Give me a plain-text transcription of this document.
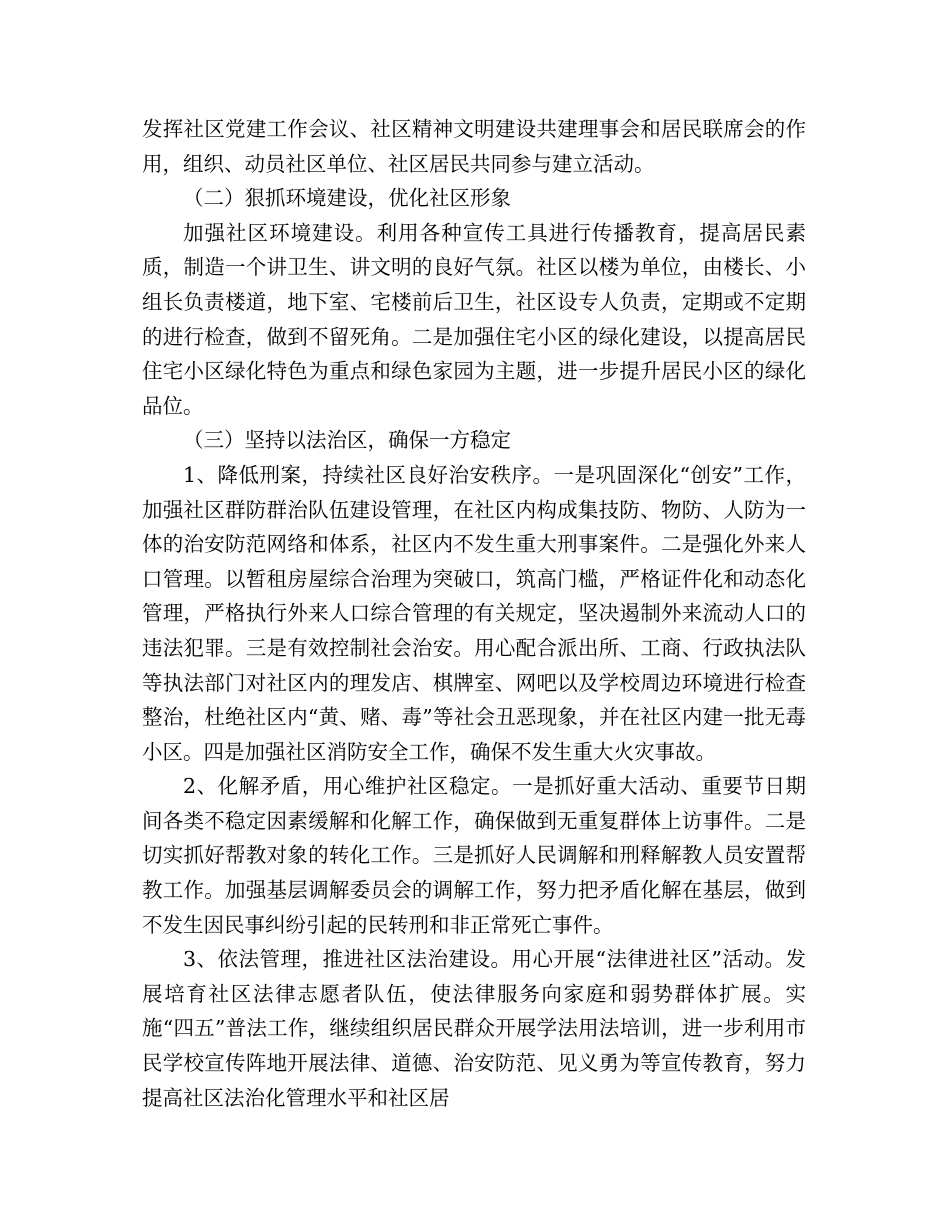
发挥社区党建工作会议、社区精神文明建设共建理事会和居民联席会的作用，组织、动员社区单位、社区居民共同参与建立活动。

（二）狠抓环境建设，优化社区形象

加强社区环境建设。利用各种宣传工具进行传播教育，提高居民素质，制造一个讲卫生、讲文明的良好气氛。社区以楼为单位，由楼长、小组长负责楼道，地下室、宅楼前后卫生，社区设专人负责，定期或不定期的进行检查，做到不留死角。二是加强住宅小区的绿化建设，以提高居民住宅小区绿化特色为重点和绿色家园为主题，进一步提升居民小区的绿化品位。

（三）坚持以法治区，确保一方稳定

1、降低刑案，持续社区良好治安秩序。一是巩固深化“创安”工作，加强社区群防群治队伍建设管理，在社区内构成集技防、物防、人防为一体的治安防范网络和体系，社区内不发生重大刑事案件。二是强化外来人口管理。以暂租房屋综合治理为突破口，筑高门槛，严格证件化和动态化管理，严格执行外来人口综合管理的有关规定，坚决遏制外来流动人口的违法犯罪。三是有效控制社会治安。用心配合派出所、工商、行政执法队等执法部门对社区内的理发店、棋牌室、网吧以及学校周边环境进行检查整治，杜绝社区内“黄、赌、毒”等社会丑恶现象，并在社区内建一批无毒小区。四是加强社区消防安全工作，确保不发生重大火灾事故。

2、化解矛盾，用心维护社区稳定。一是抓好重大活动、重要节日期间各类不稳定因素缓解和化解工作，确保做到无重复群体上访事件。二是切实抓好帮教对象的转化工作。三是抓好人民调解和刑释解教人员安置帮教工作。加强基层调解委员会的调解工作，努力把矛盾化解在基层，做到不发生因民事纠纷引起的民转刑和非正常死亡事件。

3、依法管理，推进社区法治建设。用心开展“法律进社区”活动。发展培育社区法律志愿者队伍，使法律服务向家庭和弱势群体扩展。实施“四五”普法工作，继续组织居民群众开展学法用法培训，进一步利用市民学校宣传阵地开展法律、道德、治安防范、见义勇为等宣传教育，努力提高社区法治化管理水平和社区居
